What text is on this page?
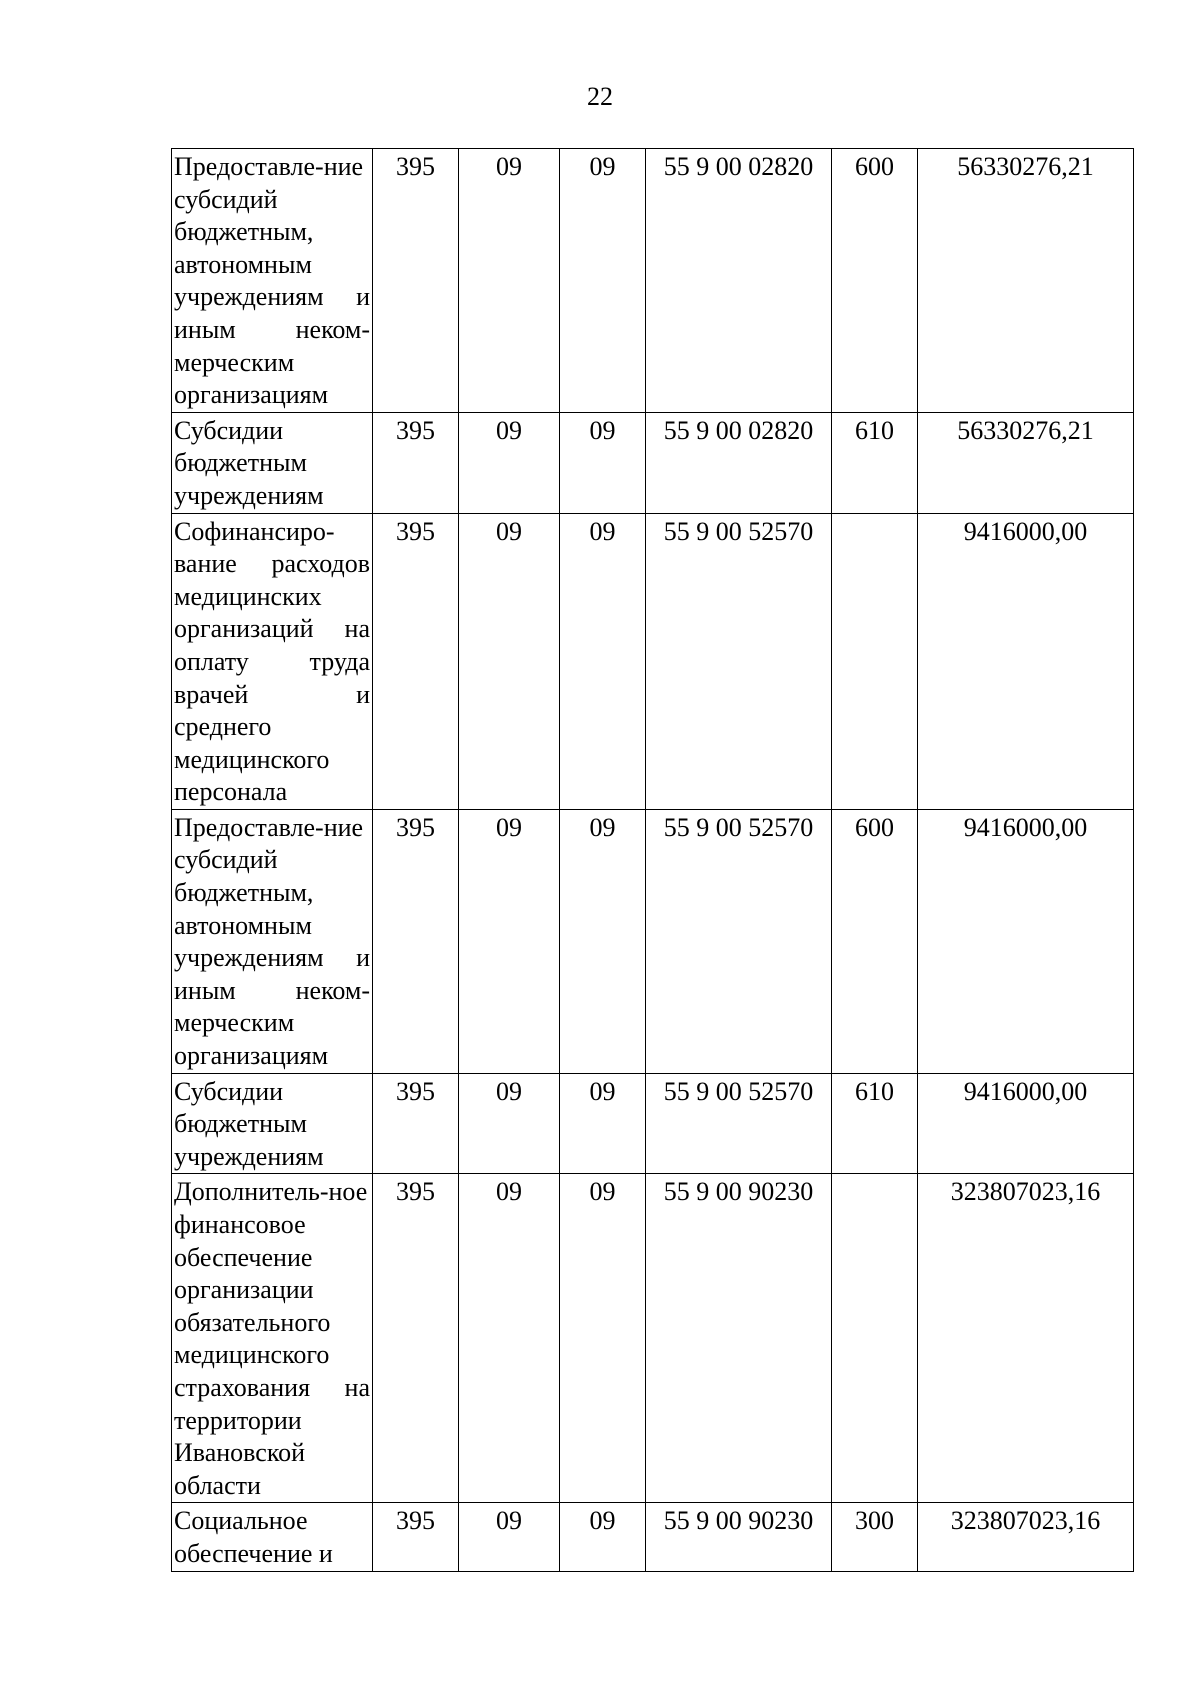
22
Предоставле-ние субсидий бюджетным, автономным учреждениям и иным неком-мерческим организациям	395	09	09	55 9 00 02820	600	56330276,21
Субсидии бюджетным учреждениям	395	09	09	55 9 00 02820	610	56330276,21
Софинансиро-вание расходов медицинских организаций на оплату труда врачей и среднего медицинского персонала	395	09	09	55 9 00 52570		9416000,00
Предоставле-ние субсидий бюджетным, автономным учреждениям и иным неком-мерческим организациям	395	09	09	55 9 00 52570	600	9416000,00
Субсидии бюджетным учреждениям	395	09	09	55 9 00 52570	610	9416000,00
Дополнитель-ное финансовое обеспечение организации обязательного медицинского страхования на территории Ивановской области	395	09	09	55 9 00 90230		323807023,16
Социальное обеспечение и	395	09	09	55 9 00 90230	300	323807023,16
